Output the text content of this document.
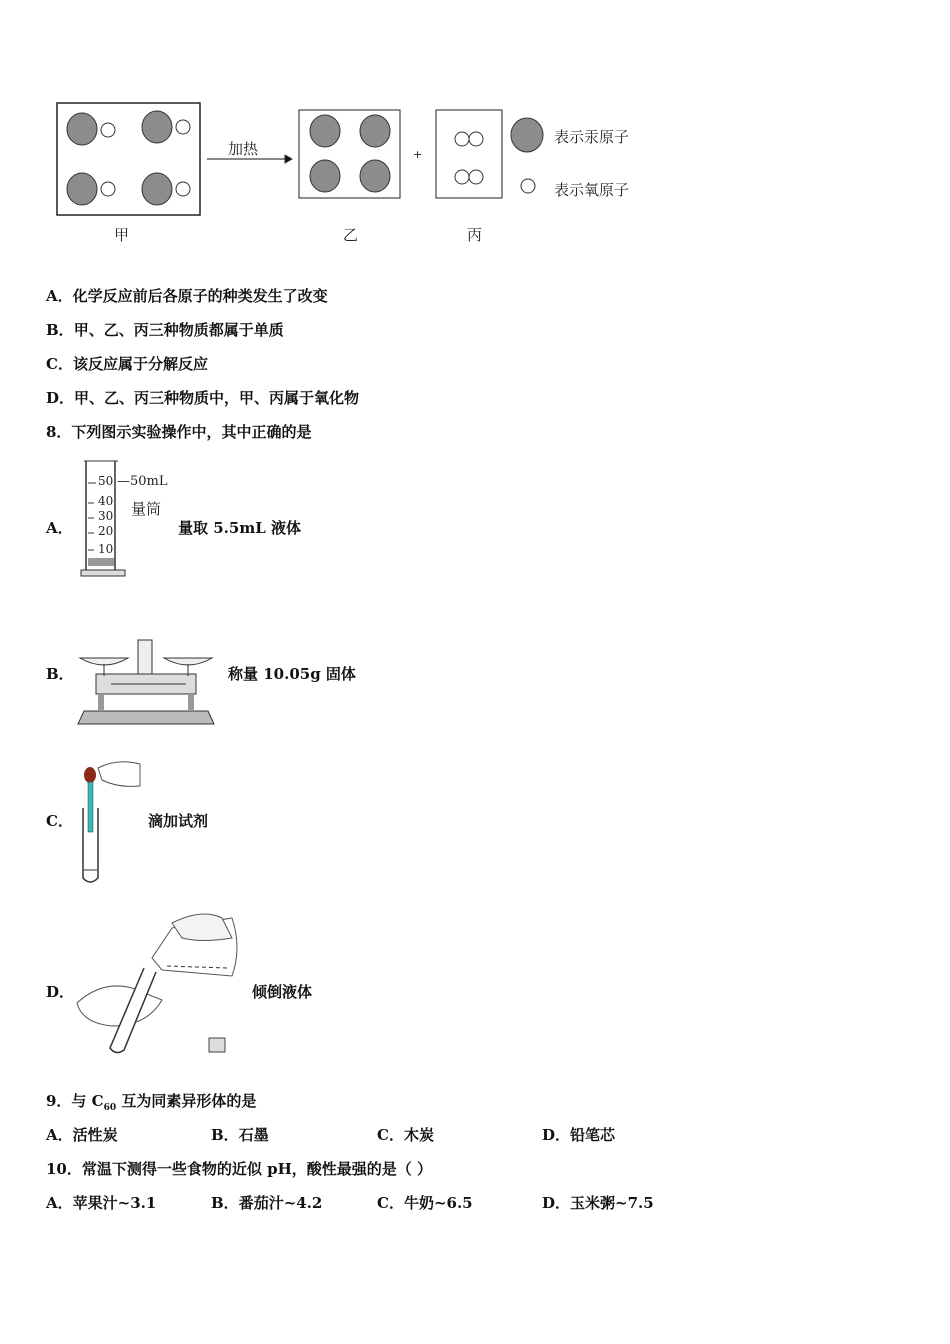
加热	+
甲	乙	丙
表示汞原子
表示氧原子
A．化学反应前后各原子的种类发生了改变
B．甲、乙、丙三种物质都属于单质
C．该反应属于分解反应
D．甲、乙、丙三种物质中，甲、丙属于氧化物
8．下列图示实验操作中，其中正确的是
50
40
30
20
10
—50mL
量筒
A．	量取 5.5mL 液体
B．	称量 10.05g 固体
C．	滴加试剂
D．	倾倒液体
9．与 $C_{60}$ 互为同素异形体的是
A．活性炭	B．石墨	C．木炭	D．铅笔芯
10．常温下测得一些食物的近似 pH，酸性最强的是（ ）
A．苹果汁~3.1	B．番茄汁~4.2	C．牛奶~6.5	D．玉米粥~7.5
